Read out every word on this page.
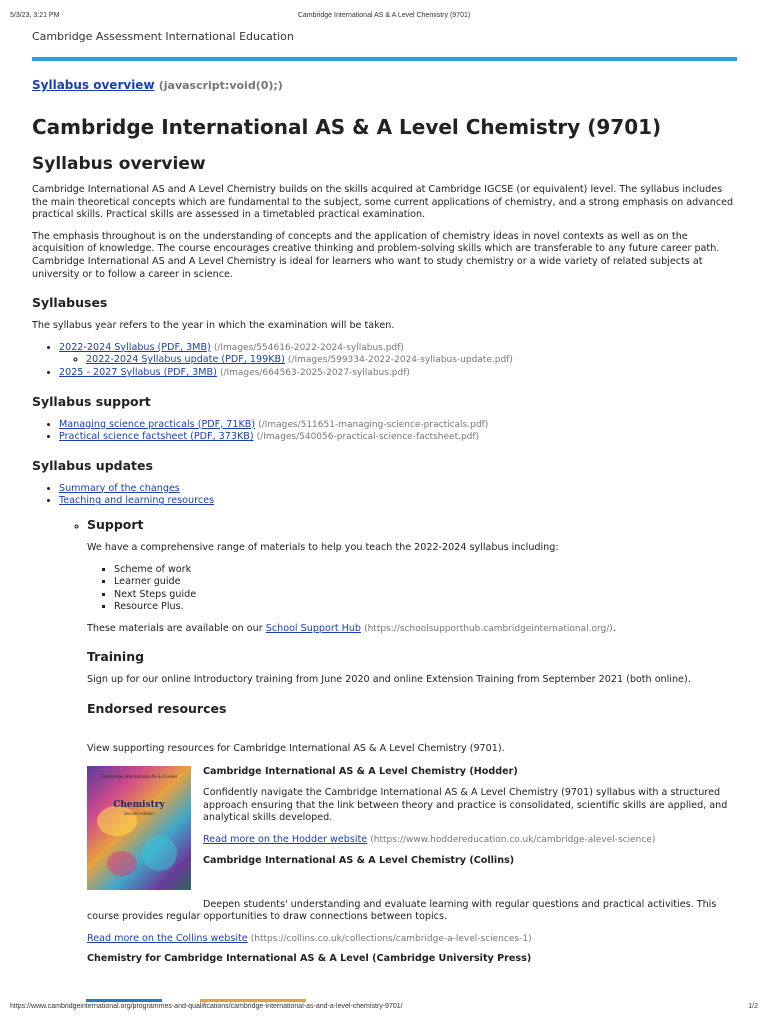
5/3/23, 3:21 PM	Cambridge International AS & A Level Chemistry (9701)
Cambridge Assessment International Education
Syllabus overview (javascript:void(0);)
Cambridge International AS & A Level Chemistry (9701)
Syllabus overview

Cambridge International AS and A Level Chemistry builds on the skills acquired at Cambridge IGCSE (or equivalent) level. The syllabus includes the main theoretical concepts which are fundamental to the subject, some current applications of chemistry, and a strong emphasis on advanced practical skills. Practical skills are assessed in a timetabled practical examination.

The emphasis throughout is on the understanding of concepts and the application of chemistry ideas in novel contexts as well as on the acquisition of knowledge. The course encourages creative thinking and problem-solving skills which are transferable to any future career path. Cambridge International AS and A Level Chemistry is ideal for learners who want to study chemistry or a wide variety of related subjects at university or to follow a career in science.

Syllabuses

The syllabus year refers to the year in which the examination will be taken.

• 2022-2024 Syllabus (PDF, 3MB) (/Images/554616-2022-2024-syllabus.pdf)
◦ 2022-2024 Syllabus update (PDF, 199KB) (/Images/599334-2022-2024-syllabus-update.pdf)
• 2025 - 2027 Syllabus (PDF, 3MB) (/Images/664563-2025-2027-syllabus.pdf)
Syllabus support
• Managing science practicals (PDF, 71KB) (/Images/511651-managing-science-practicals.pdf)
• Practical science factsheet (PDF, 373KB) (/Images/540056-practical-science-factsheet.pdf)
Syllabus updates
• Summary of the changes
• Teaching and learning resources
◦ Support

We have a comprehensive range of materials to help you teach the 2022-2024 syllabus including:

▪ Scheme of work
▪ Learner guide
▪ Next Steps guide
▪ Resource Plus.

These materials are available on our School Support Hub (https://schoolsupporthub.cambridgeinternational.org/).

Training

Sign up for our online Introductory training from June 2020 and online Extension Training from September 2021 (both online).

Endorsed resources

View supporting resources for Cambridge International AS & A Level Chemistry (9701).

Cambridge International AS & A Level
Chemistry
Second edition
Cambridge International AS & A Level Chemistry (Hodder)

Confidently navigate the Cambridge International AS & A Level Chemistry (9701) syllabus with a structured approach ensuring that the link between theory and practice is consolidated, scientific skills are applied, and analytical skills developed.

Read more on the Hodder website (https://www.hoddereducation.co.uk/cambridge-alevel-science)

Cambridge International AS & A Level Chemistry (Collins)

Deepen students' understanding and evaluate learning with regular questions and practical activities. This course provides regular opportunities to draw connections between topics.

Read more on the Collins website (https://collins.co.uk/collections/cambridge-a-level-sciences-1)

Chemistry for Cambridge International AS & A Level (Cambridge University Press)
https://www.cambridgeinternational.org/programmes-and-qualifications/cambridge-international-as-and-a-level-chemistry-9701/	1/2
